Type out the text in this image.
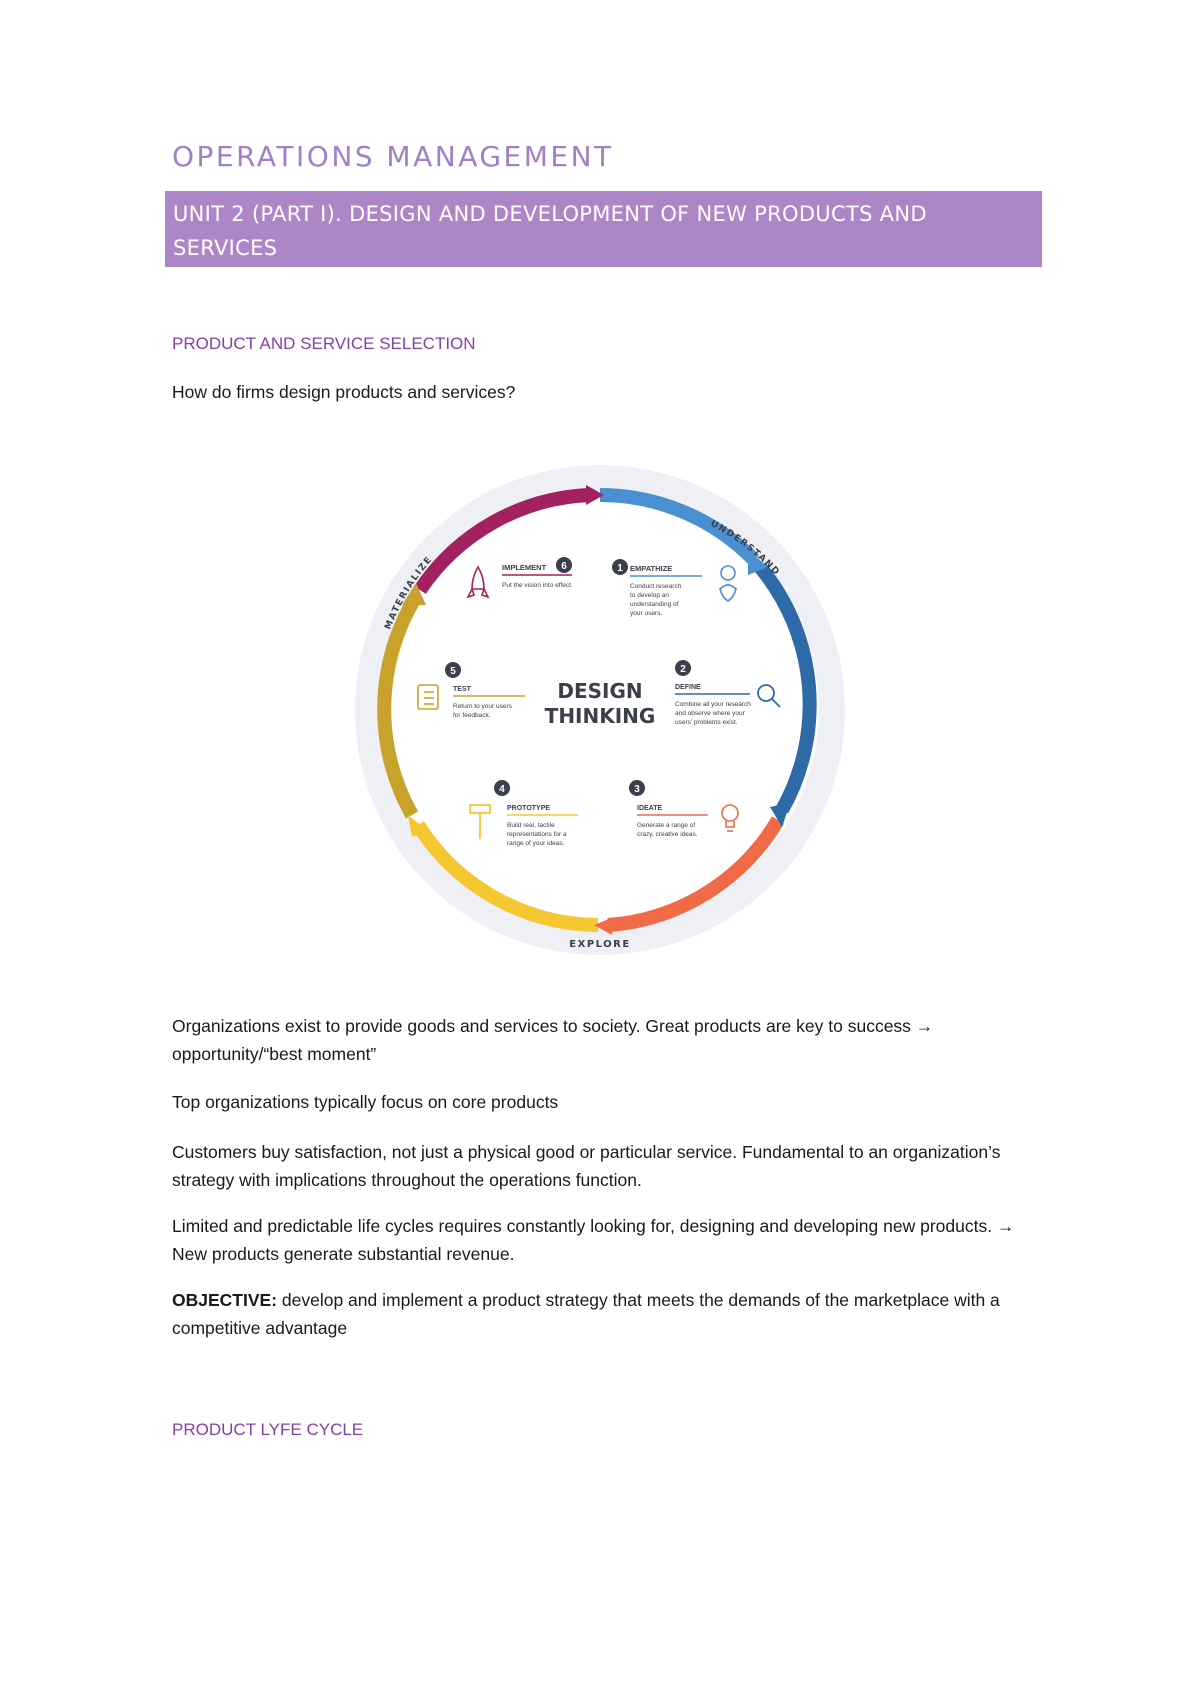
OPERATIONS MANAGEMENT
UNIT 2 (PART I). DESIGN AND DEVELOPMENT OF NEW PRODUCTS AND SERVICES
PRODUCT AND SERVICE SELECTION

How do firms design products and services?

UNDERSTAND
MATERIALIZE
EXPLORE
DESIGN
THINKING
IMPLEMENT 6
Put the vision into effect.
1 EMPATHIZE
Conduct research
to develop an
understanding of
your users.
2
DEFINE
Combine all your research
and observe where your
users’ problems exist.
3
IDEATE
Generate a range of
crazy, creative ideas.
4
PROTOTYPE
Build real, tactile
representations for a
range of your ideas.
5
TEST
Return to your users
for feedback.

Organizations exist to provide goods and services to society. Great products are key to success → opportunity/“best moment”

Top organizations typically focus on core products

Customers buy satisfaction, not just a physical good or particular service. Fundamental to an organization’s strategy with implications throughout the operations function.

Limited and predictable life cycles requires constantly looking for, designing and developing new products. → New products generate substantial revenue.

OBJECTIVE: develop and implement a product strategy that meets the demands of the marketplace with a competitive advantage

PRODUCT LYFE CYCLE
